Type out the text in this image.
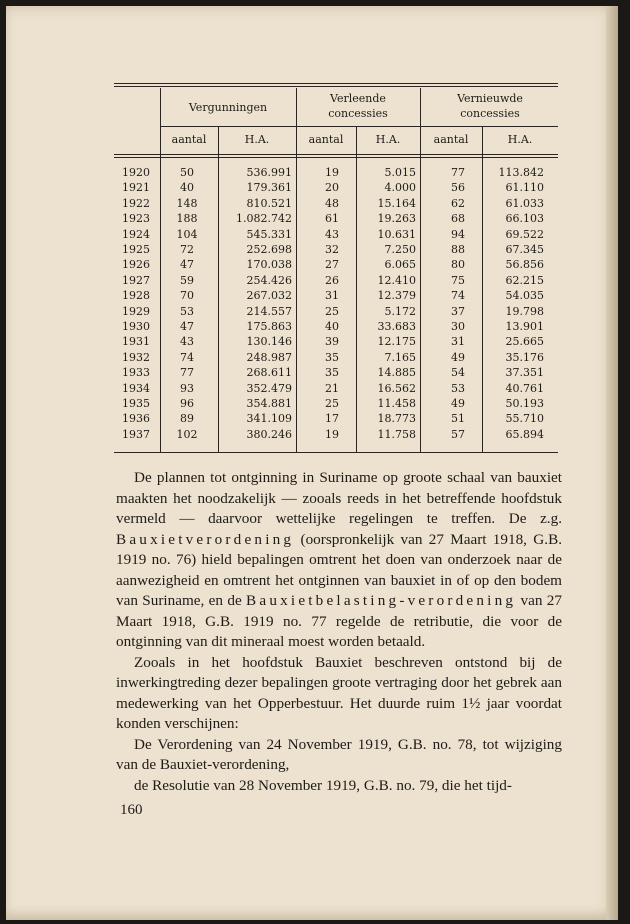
Vergunningen
Verleende
concessies
Vernieuwde
concessies
aantal	H.A.	aantal	H.A.	aantal	H.A.
1920	50	536.991	19	5.015	77	113.842
1921	40	179.361	20	4.000	56	61.110
1922	148	810.521	48	15.164	62	61.033
1923	188	1.082.742	61	19.263	68	66.103
1924	104	545.331	43	10.631	94	69.522
1925	72	252.698	32	7.250	88	67.345
1926	47	170.038	27	6.065	80	56.856
1927	59	254.426	26	12.410	75	62.215
1928	70	267.032	31	12.379	74	54.035
1929	53	214.557	25	5.172	37	19.798
1930	47	175.863	40	33.683	30	13.901
1931	43	130.146	39	12.175	31	25.665
1932	74	248.987	35	7.165	49	35.176
1933	77	268.611	35	14.885	54	37.351
1934	93	352.479	21	16.562	53	40.761
1935	96	354.881	25	11.458	49	50.193
1936	89	341.109	17	18.773	51	55.710
1937	102	380.246	19	11.758	57	65.894

De plannen tot ontginning in Suriname op groote schaal van bauxiet maakten het noodzakelijk — zooals reeds in het betreffende hoofdstuk vermeld — daarvoor wettelijke regelingen te treffen. De z.g. Bauxietverordening (oorspronkelijk van 27 Maart 1918, G.B. 1919 no. 76) hield bepalingen omtrent het doen van onderzoek naar de aanwezigheid en omtrent het ontginnen van bauxiet in of op den bodem van Suriname, en de Bauxietbelasting-verordening van 27 Maart 1918, G.B. 1919 no. 77 regelde de retributie, die voor de ontginning van dit mineraal moest worden betaald.

Zooals in het hoofdstuk Bauxiet beschreven ontstond bij de inwerkingtreding dezer bepalingen groote vertraging door het gebrek aan medewerking van het Opperbestuur. Het duurde ruim 1½ jaar voordat konden verschijnen:

De Verordening van 24 November 1919, G.B. no. 78, tot wijziging van de Bauxiet-verordening,

de Resolutie van 28 November 1919, G.B. no. 79, die het tijd-

160
